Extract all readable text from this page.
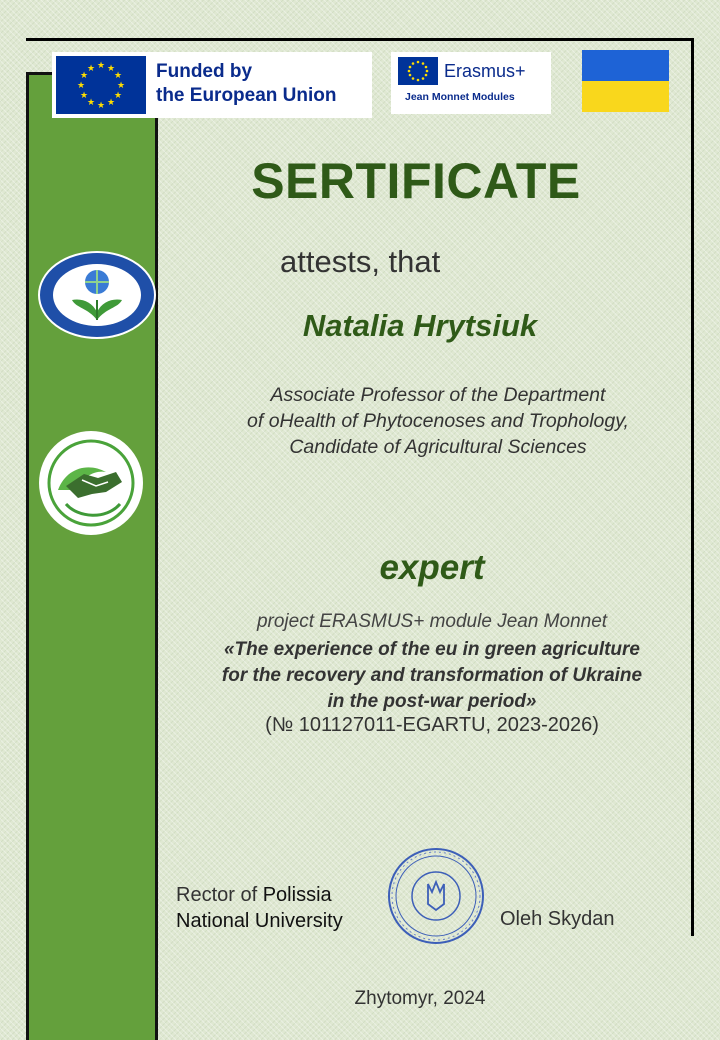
★ ★
★
★
★
★
★
★
★
★
★
★	Funded by
the European Union
Erasmus+
Jean Monnet Modules
SERTIFICATE
attests, that
Natalia Hrytsiuk
Associate Professor of the Department
of oHealth of Phytocenoses and Trophology,
Candidate of Agricultural Sciences
expert
project ERASMUS+ module Jean Monnet
«The experience of the eu in green agriculture
for the recovery and transformation of Ukraine
in the post-war period»
(№ 101127011-EGARTU, 2023-2026)
Rector of Polissia
National University	Oleh Skydan
Zhytomyr, 2024
